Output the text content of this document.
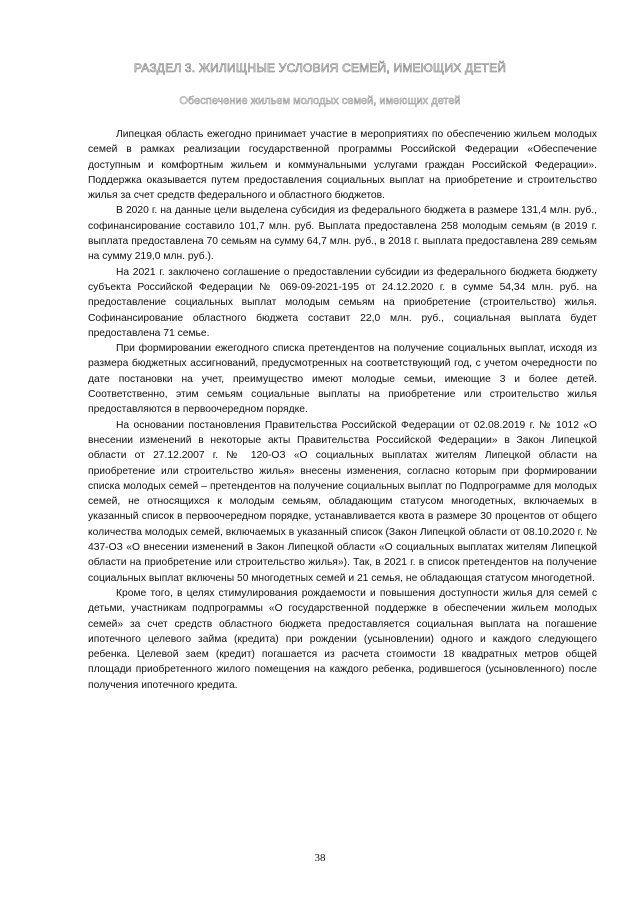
РАЗДЕЛ 3. ЖИЛИЩНЫЕ УСЛОВИЯ СЕМЕЙ, ИМЕЮЩИХ ДЕТЕЙ
Обеспечение жильем молодых семей, имеющих детей

Липецкая область ежегодно принимает участие в мероприятиях по обеспечению жильем молодых семей в рамках реализации государственной программы Российской Федерации «Обеспечение доступным и комфортным жильем и коммунальными услугами граждан Российской Федерации». Поддержка оказывается путем предоставления социальных выплат на приобретение и строительство жилья за счет средств федерального и областного бюджетов.

В 2020 г. на данные цели выделена субсидия из федерального бюджета в размере 131,4 млн. руб., софинансирование составило 101,7 млн. руб. Выплата предоставлена 258 молодым семьям (в 2019 г. выплата предоставлена 70 семьям на сумму 64,7 млн. руб., в 2018 г. выплата предоставлена 289 семьям на сумму 219,0 млн. руб.).

На 2021 г. заключено соглашение о предоставлении субсидии из федерального бюджета бюджету субъекта Российской Федерации № 069-09-2021-195 от 24.12.2020 г. в сумме 54,34 млн. руб. на предоставление социальных выплат молодым семьям на приобретение (строительство) жилья. Софинансирование областного бюджета составит 22,0 млн. руб., социальная выплата будет предоставлена 71 семье.

При формировании ежегодного списка претендентов на получение социальных выплат, исходя из размера бюджетных ассигнований, предусмотренных на соответствующий год, с учетом очередности по дате постановки на учет, преимущество имеют молодые семьи, имеющие 3 и более детей. Соответственно, этим семьям социальные выплаты на приобретение или строительство жилья предоставляются в первоочередном порядке.

На основании постановления Правительства Российской Федерации от 02.08.2019 г. № 1012 «О внесении изменений в некоторые акты Правительства Российской Федерации» в Закон Липецкой области от 27.12.2007 г. № 120-ОЗ «О социальных выплатах жителям Липецкой области на приобретение или строительство жилья» внесены изменения, согласно которым при формировании списка молодых семей – претендентов на получение социальных выплат по Подпрограмме для молодых семей, не относящихся к молодым семьям, обладающим статусом многодетных, включаемых в указанный список в первоочередном порядке, устанавливается квота в размере 30 процентов от общего количества молодых семей, включаемых в указанный список (Закон Липецкой области от 08.10.2020 г. № 437-ОЗ «О внесении изменений в Закон Липецкой области «О социальных выплатах жителям Липецкой области на приобретение или строительство жилья»). Так, в 2021 г. в список претендентов на получение социальных выплат включены 50 многодетных семей и 21 семья, не обладающая статусом многодетной.

Кроме того, в целях стимулирования рождаемости и повышения доступности жилья для семей с детьми, участникам подпрограммы «О государственной поддержке в обеспечении жильем молодых семей» за счет средств областного бюджета предоставляется социальная выплата на погашение ипотечного целевого займа (кредита) при рождении (усыновлении) одного и каждого следующего ребенка. Целевой заем (кредит) погашается из расчета стоимости 18 квадратных метров общей площади приобретенного жилого помещения на каждого ребенка, родившегося (усыновленного) после получения ипотечного кредита.

38
